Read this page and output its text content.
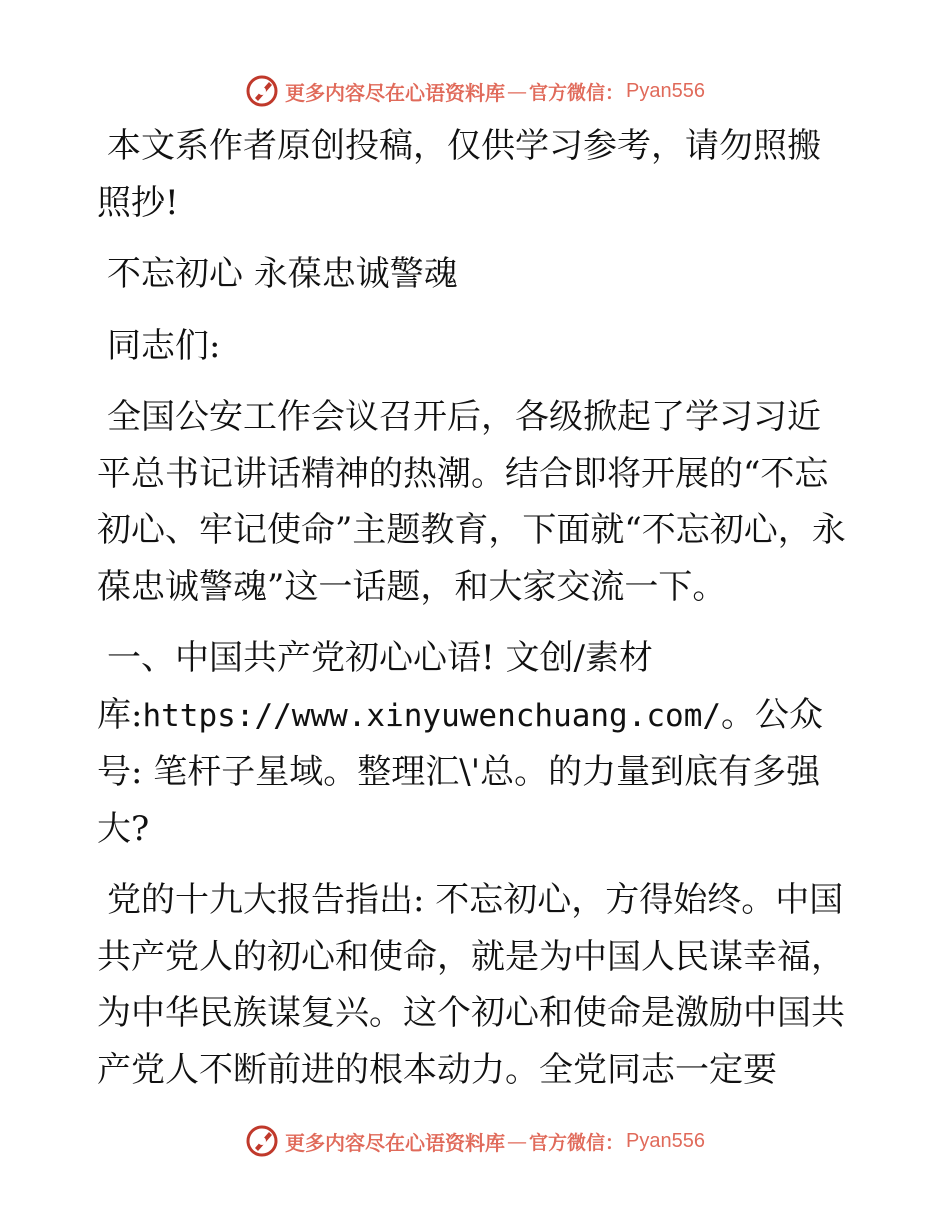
更多内容尽在心语资料库 — 官方微信： Pyan556

本文系作者原创投稿，仅供学习参考，请勿照搬照抄!

不忘初心 永葆忠诚警魂

同志们:

全国公安工作会议召开后，各级掀起了学习习近平总书记讲话精神的热潮。结合即将开展的“不忘初心、牢记使命”主题教育，下面就“不忘初心，永葆忠诚警魂”这一话题，和大家交流一下。

一、中国共产党初心心语! 文创/素材库:https://www.xinyuwenchuang.com/。公众号: 笔杆子星域。整理汇\'总。的力量到底有多强大?

党的十九大报告指出: 不忘初心，方得始终。中国共产党人的初心和使命，就是为中国人民谋幸福，为中华民族谋复兴。这个初心和使命是激励中国共产党人不断前进的根本动力。全党同志一定要

更多内容尽在心语资料库 — 官方微信： Pyan556
